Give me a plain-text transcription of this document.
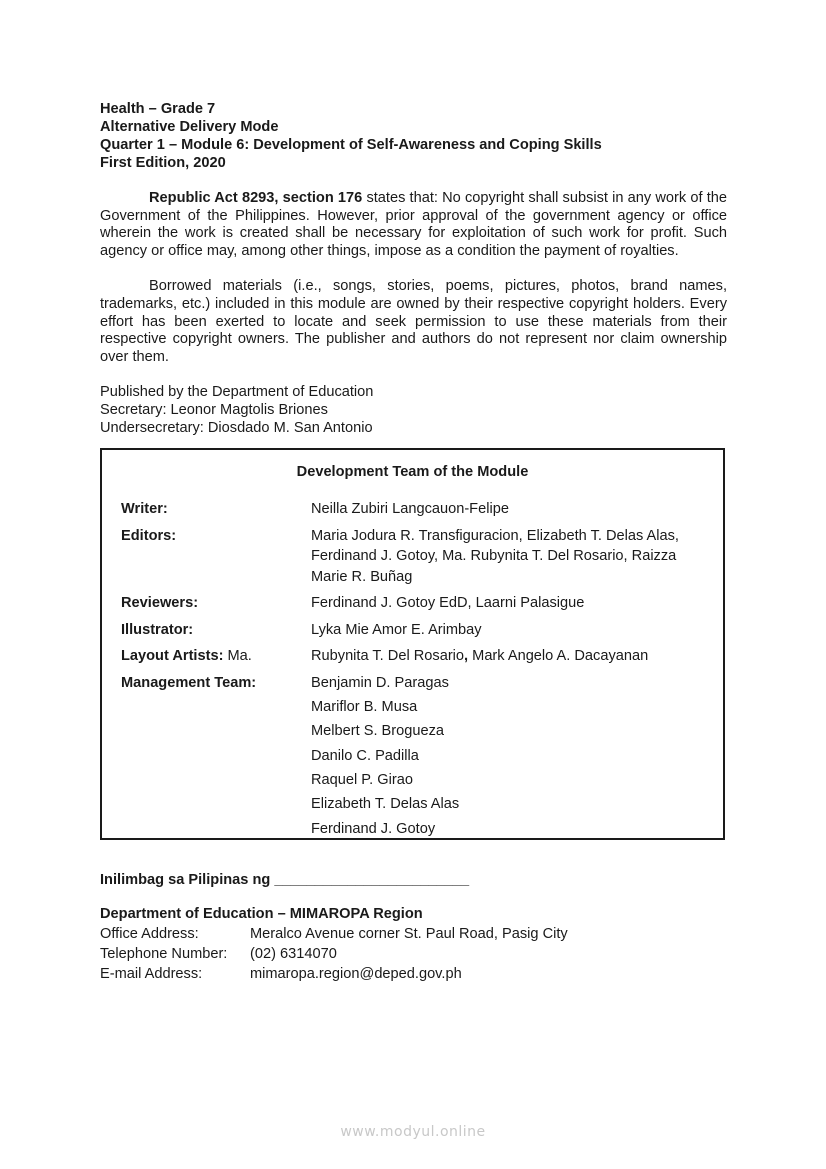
Health – Grade 7

Alternative Delivery Mode

Quarter 1 – Module 6: Development of Self-Awareness and Coping Skills

First Edition, 2020

Republic Act 8293, section 176 states that: No copyright shall subsist in any work of the Government of the Philippines. However, prior approval of the government agency or office wherein the work is created shall be necessary for exploitation of such work for profit. Such agency or office may, among other things, impose as a condition the payment of royalties.

Borrowed materials (i.e., songs, stories, poems, pictures, photos, brand names, trademarks, etc.) included in this module are owned by their respective copyright holders. Every effort has been exerted to locate and seek permission to use these materials from their respective copyright owners. The publisher and authors do not represent nor claim ownership over them.

Published by the Department of Education

Secretary: Leonor Magtolis Briones

Undersecretary: Diosdado M. San Antonio

Development Team of the Module
Writer:	Neilla Zubiri Langcauon-Felipe
Editors:	Maria Jodura R. Transfiguracion, Elizabeth T. Delas Alas, Ferdinand J. Gotoy, Ma. Rubynita T. Del Rosario, Raizza Marie R. Buñag
Reviewers:	Ferdinand J. Gotoy EdD, Laarni Palasigue
Illustrator:	Lyka Mie Amor E. Arimbay
Layout Artists: Ma.	Rubynita T. Del Rosario, Mark Angelo A. Dacayanan
Management Team:	Benjamin D. Paragas
Mariflor B. Musa
Melbert S. Brogueza
Danilo C. Padilla
Raquel P. Girao
Elizabeth T. Delas Alas
Ferdinand J. Gotoy
Inilimbag sa Pilipinas ng ________________________
Department of Education – MIMAROPA Region
Office Address:	Meralco Avenue corner St. Paul Road, Pasig City
Telephone Number:	(02) 6314070
E-mail Address:	mimaropa.region@deped.gov.ph
www.modyul.online
